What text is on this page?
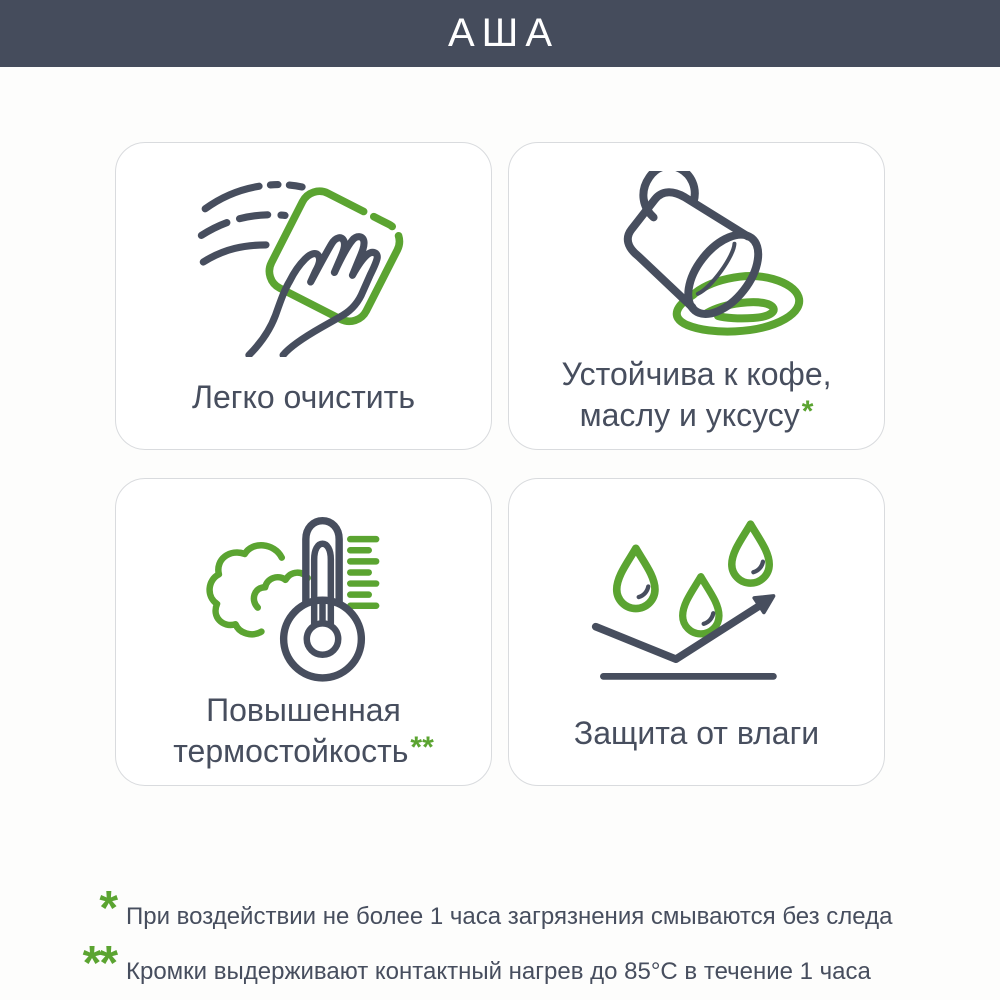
АША
Легко очистить
Устойчива к кофе,
маслу и уксусу*
Повышенная
термостойкость**	Защита от влаги
* При воздействии не более 1 часа загрязнения смываются без следа
** Кромки выдерживают контактный нагрев до 85°С в течение 1 часа
